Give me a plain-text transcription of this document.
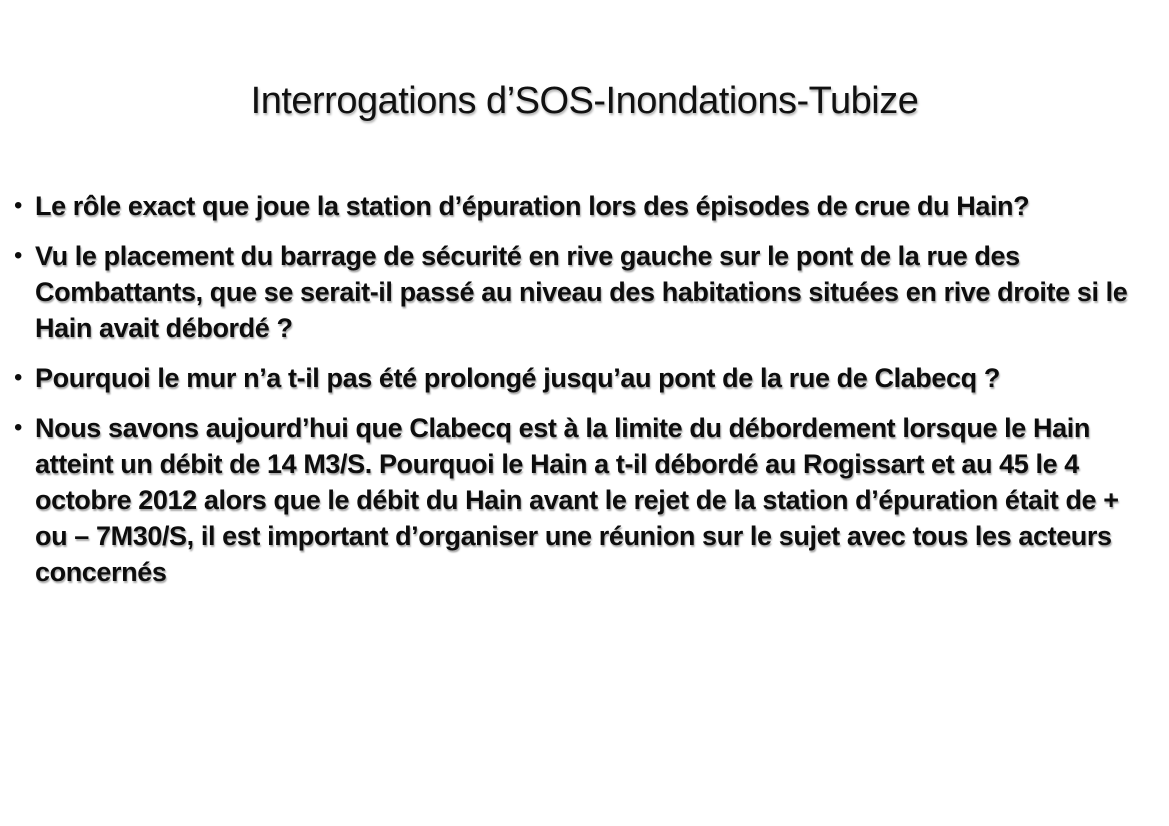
Interrogations d’SOS-Inondations-Tubize
• Le rôle exact que joue la station d’épuration lors des épisodes de crue du Hain?
• Vu le placement du barrage de sécurité en rive gauche sur le pont de la rue des Combattants, que se serait-il passé au niveau des habitations situées en rive droite si le Hain avait débordé ?
• Pourquoi le mur n’a t-il pas été prolongé jusqu’au pont de la rue de Clabecq ?
• Nous savons aujourd’hui que Clabecq est à la limite du débordement lorsque le Hain atteint un débit de 14 M3/S. Pourquoi le Hain a t-il débordé au Rogissart et au 45 le 4 octobre 2012 alors que le débit du Hain avant le rejet de la station d’épuration était de + ou – 7M30/S, il est important d’organiser une réunion sur le sujet avec tous les acteurs concernés
